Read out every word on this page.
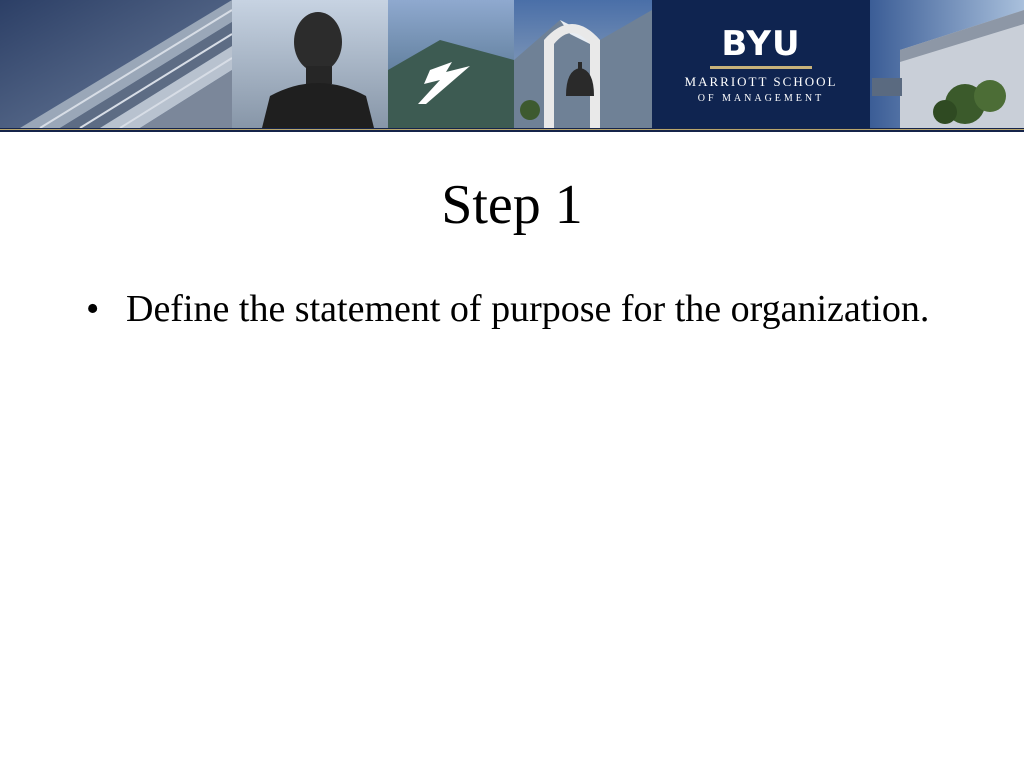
BYU
MARRIOTT SCHOOL
OF MANAGEMENT
Step 1
• Define the statement of purpose for the organization.
